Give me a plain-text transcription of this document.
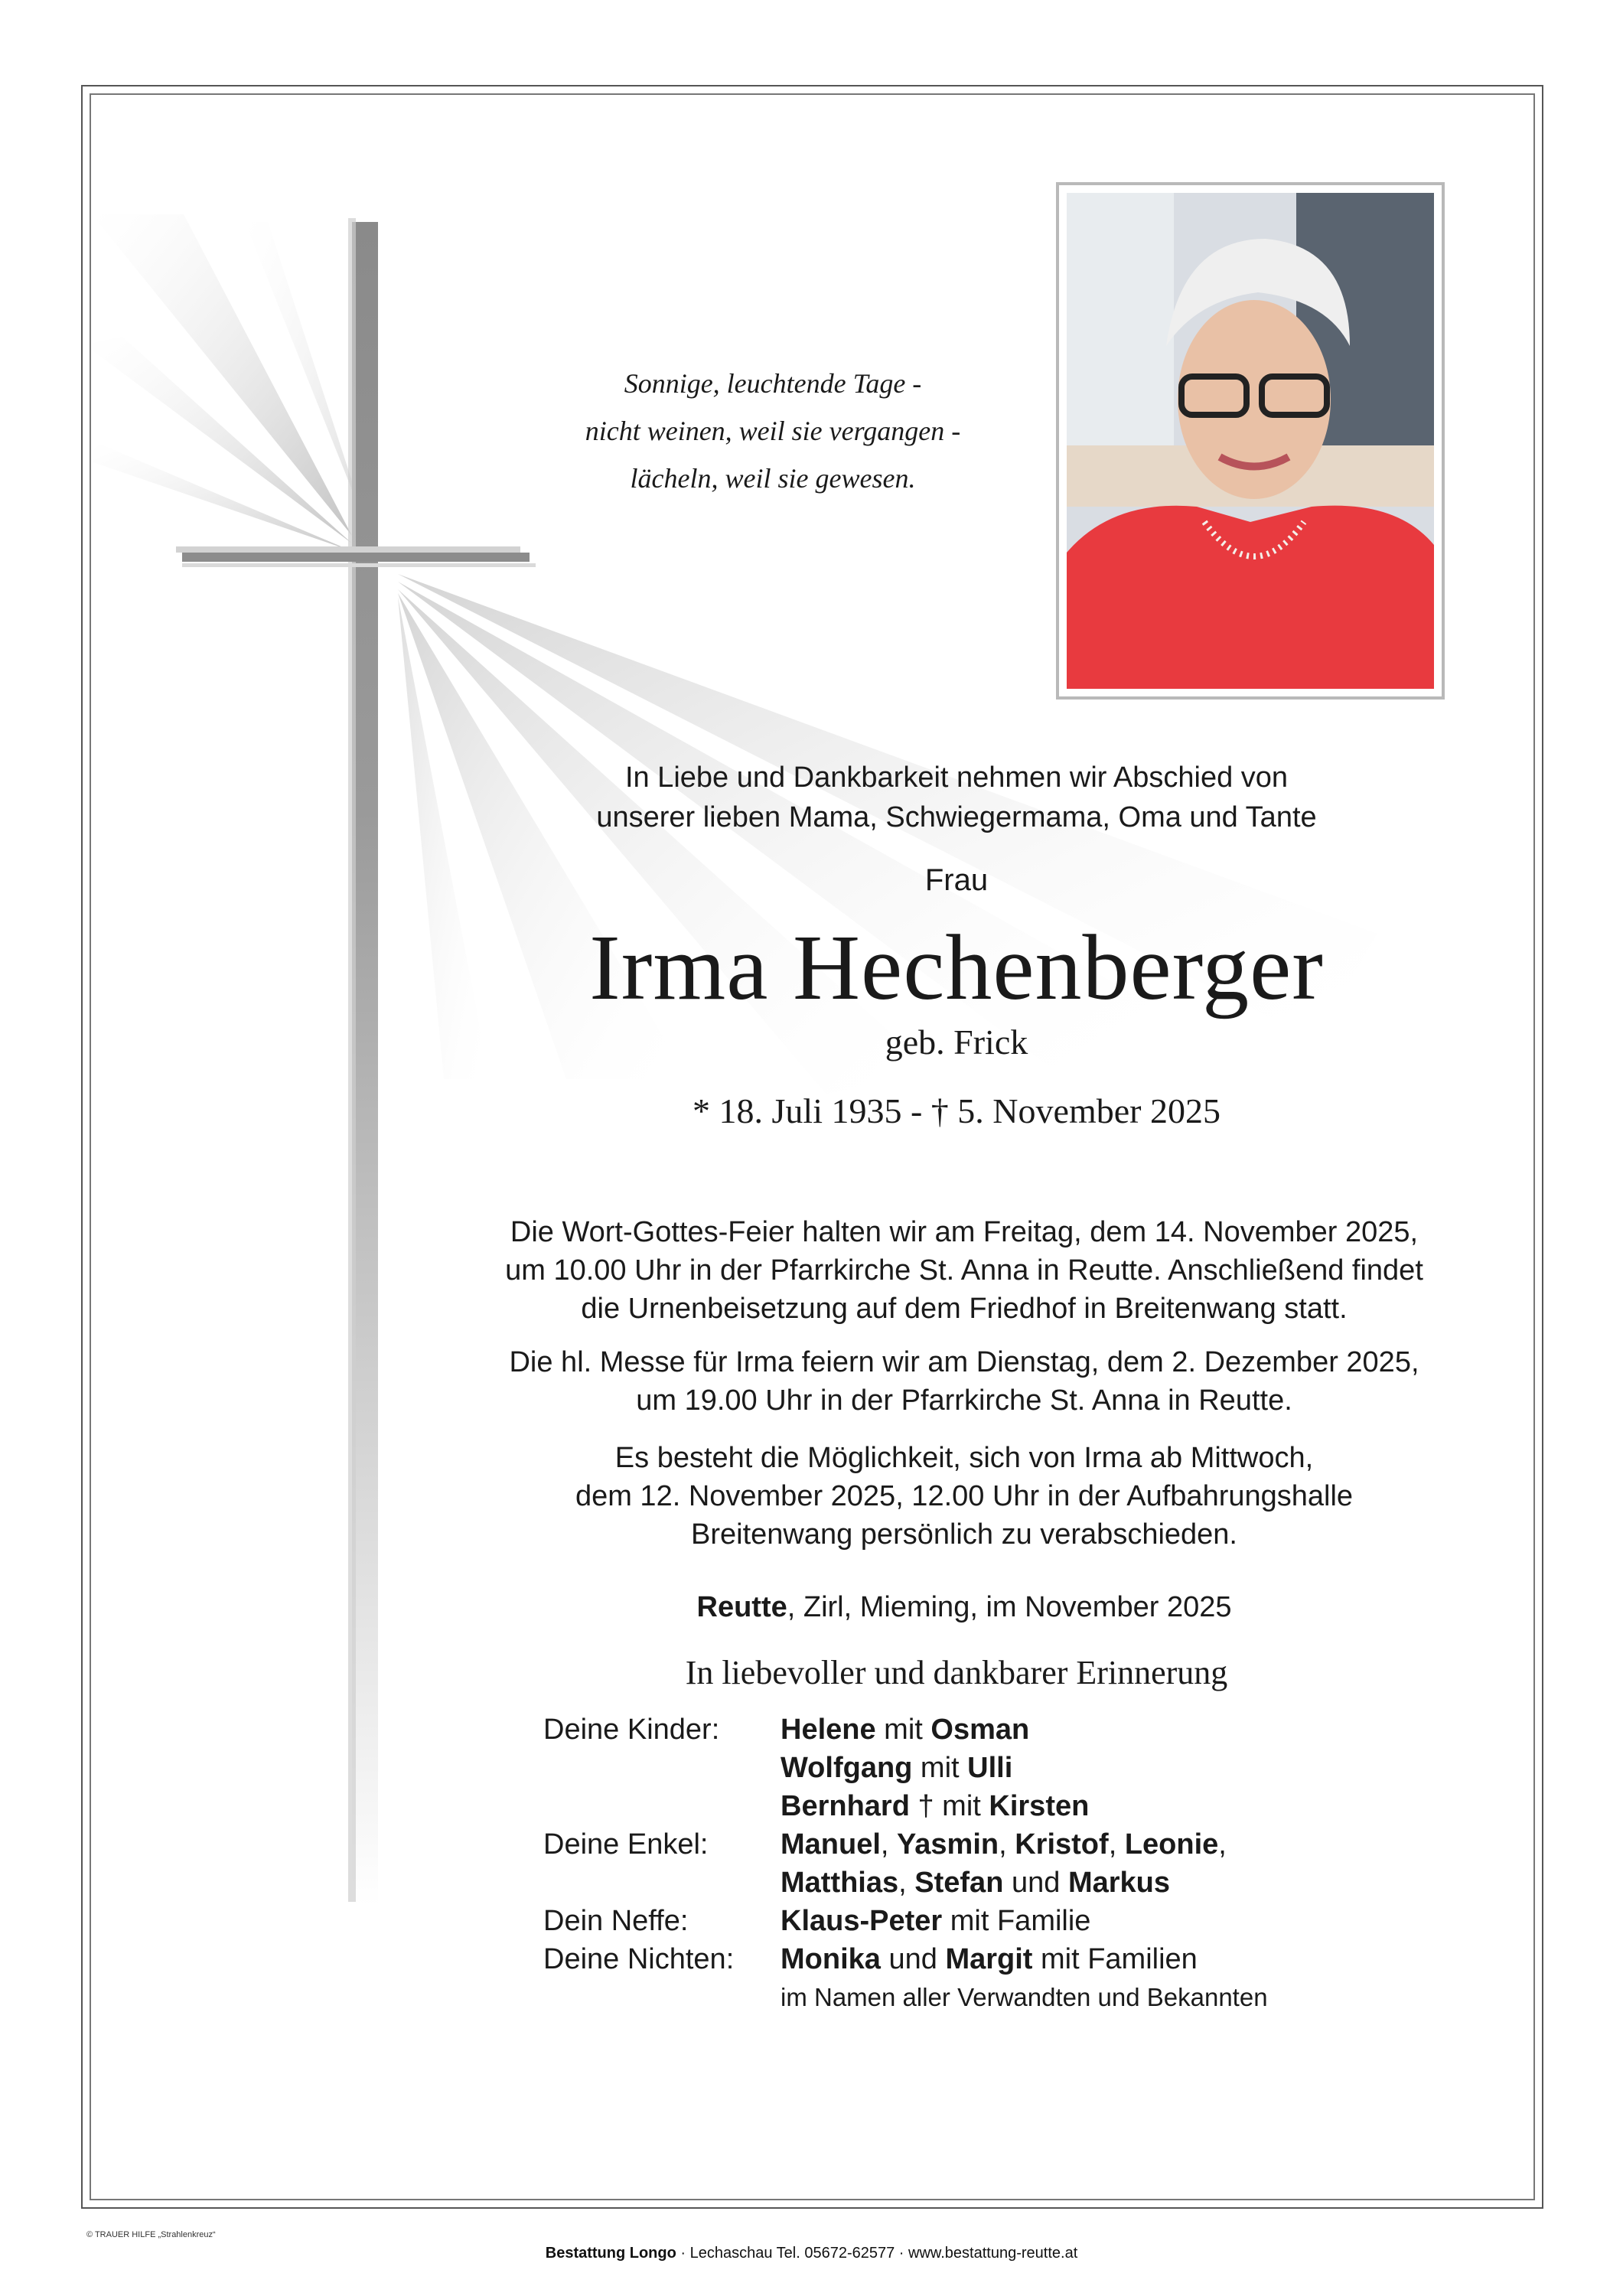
Sonnige, leuchtende Tage -
nicht weinen, weil sie vergangen -
lächeln, weil sie gewesen.
In Liebe und Dankbarkeit nehmen wir Abschied von
unserer lieben Mama, Schwiegermama, Oma und Tante
Frau
Irma Hechenberger
geb. Frick
* 18. Juli 1935 - † 5. November 2025
Die Wort-Gottes-Feier halten wir am Freitag, dem 14. November 2025,
um 10.00 Uhr in der Pfarrkirche St. Anna in Reutte. Anschließend findet
die Urnenbeisetzung auf dem Friedhof in Breitenwang statt.
Die hl. Messe für Irma feiern wir am Dienstag, dem 2. Dezember 2025,
um 19.00 Uhr in der Pfarrkirche St. Anna in Reutte.
Es besteht die Möglichkeit, sich von Irma ab Mittwoch,
dem 12. November 2025, 12.00 Uhr in der Aufbahrungshalle
Breitenwang persönlich zu verabschieden.
Reutte, Zirl, Mieming, im November 2025
In liebevoller und dankbarer Erinnerung
Deine Kinder:	Helene mit Osman
Wolfgang mit Ulli
Bernhard † mit Kirsten
Deine Enkel:	Manuel, Yasmin, Kristof, Leonie,
Matthias, Stefan und Markus
Dein Neffe:	Klaus-Peter mit Familie
Deine Nichten:	Monika und Margit mit Familien
im Namen aller Verwandten und Bekannten
© TRAUER HILFE „Strahlenkreuz“
Bestattung Longo · Lechaschau Tel. 05672-62577 · www.bestattung-reutte.at
